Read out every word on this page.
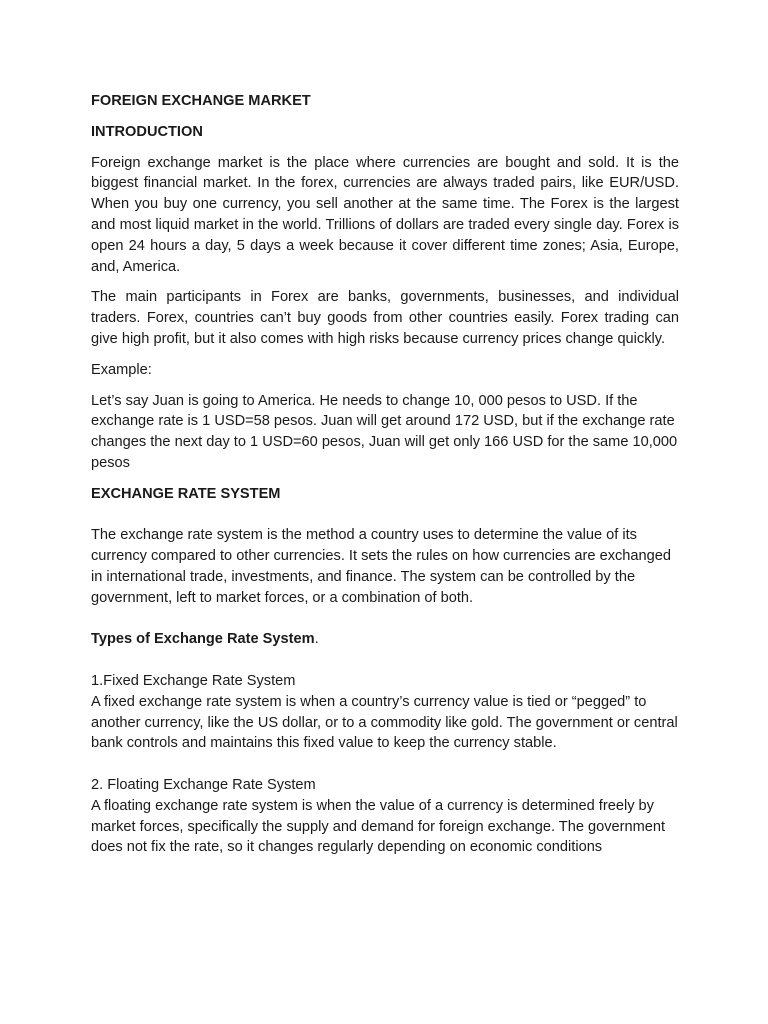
FOREIGN EXCHANGE MARKET

INTRODUCTION

Foreign exchange market is the place where currencies are bought and sold. It is the biggest financial market. In the forex, currencies are always traded pairs, like EUR/USD. When you buy one currency, you sell another at the same time. The Forex is the largest and most liquid market in the world. Trillions of dollars are traded every single day. Forex is open 24 hours a day, 5 days a week because it cover different time zones; Asia, Europe, and, America.

The main participants in Forex are banks, governments, businesses, and individual traders. Forex, countries can’t buy goods from other countries easily. Forex trading can give high profit, but it also comes with high risks because currency prices change quickly.

Example:

Let’s say Juan is going to America. He needs to change 10, 000 pesos to USD. If the exchange rate is 1 USD=58 pesos. Juan will get around 172 USD, but if the exchange rate changes the next day to 1 USD=60 pesos, Juan will get only 166 USD for the same 10,000 pesos

EXCHANGE RATE SYSTEM

The exchange rate system is the method a country uses to determine the value of its currency compared to other currencies. It sets the rules on how currencies are exchanged in international trade, investments, and finance. The system can be controlled by the government, left to market forces, or a combination of both.

Types of Exchange Rate System.

1.Fixed Exchange Rate System
A fixed exchange rate system is when a country’s currency value is tied or “pegged” to another currency, like the US dollar, or to a commodity like gold. The government or central bank controls and maintains this fixed value to keep the currency stable.

2. Floating Exchange Rate System
A floating exchange rate system is when the value of a currency is determined freely by market forces, specifically the supply and demand for foreign exchange. The government does not fix the rate, so it changes regularly depending on economic conditions
